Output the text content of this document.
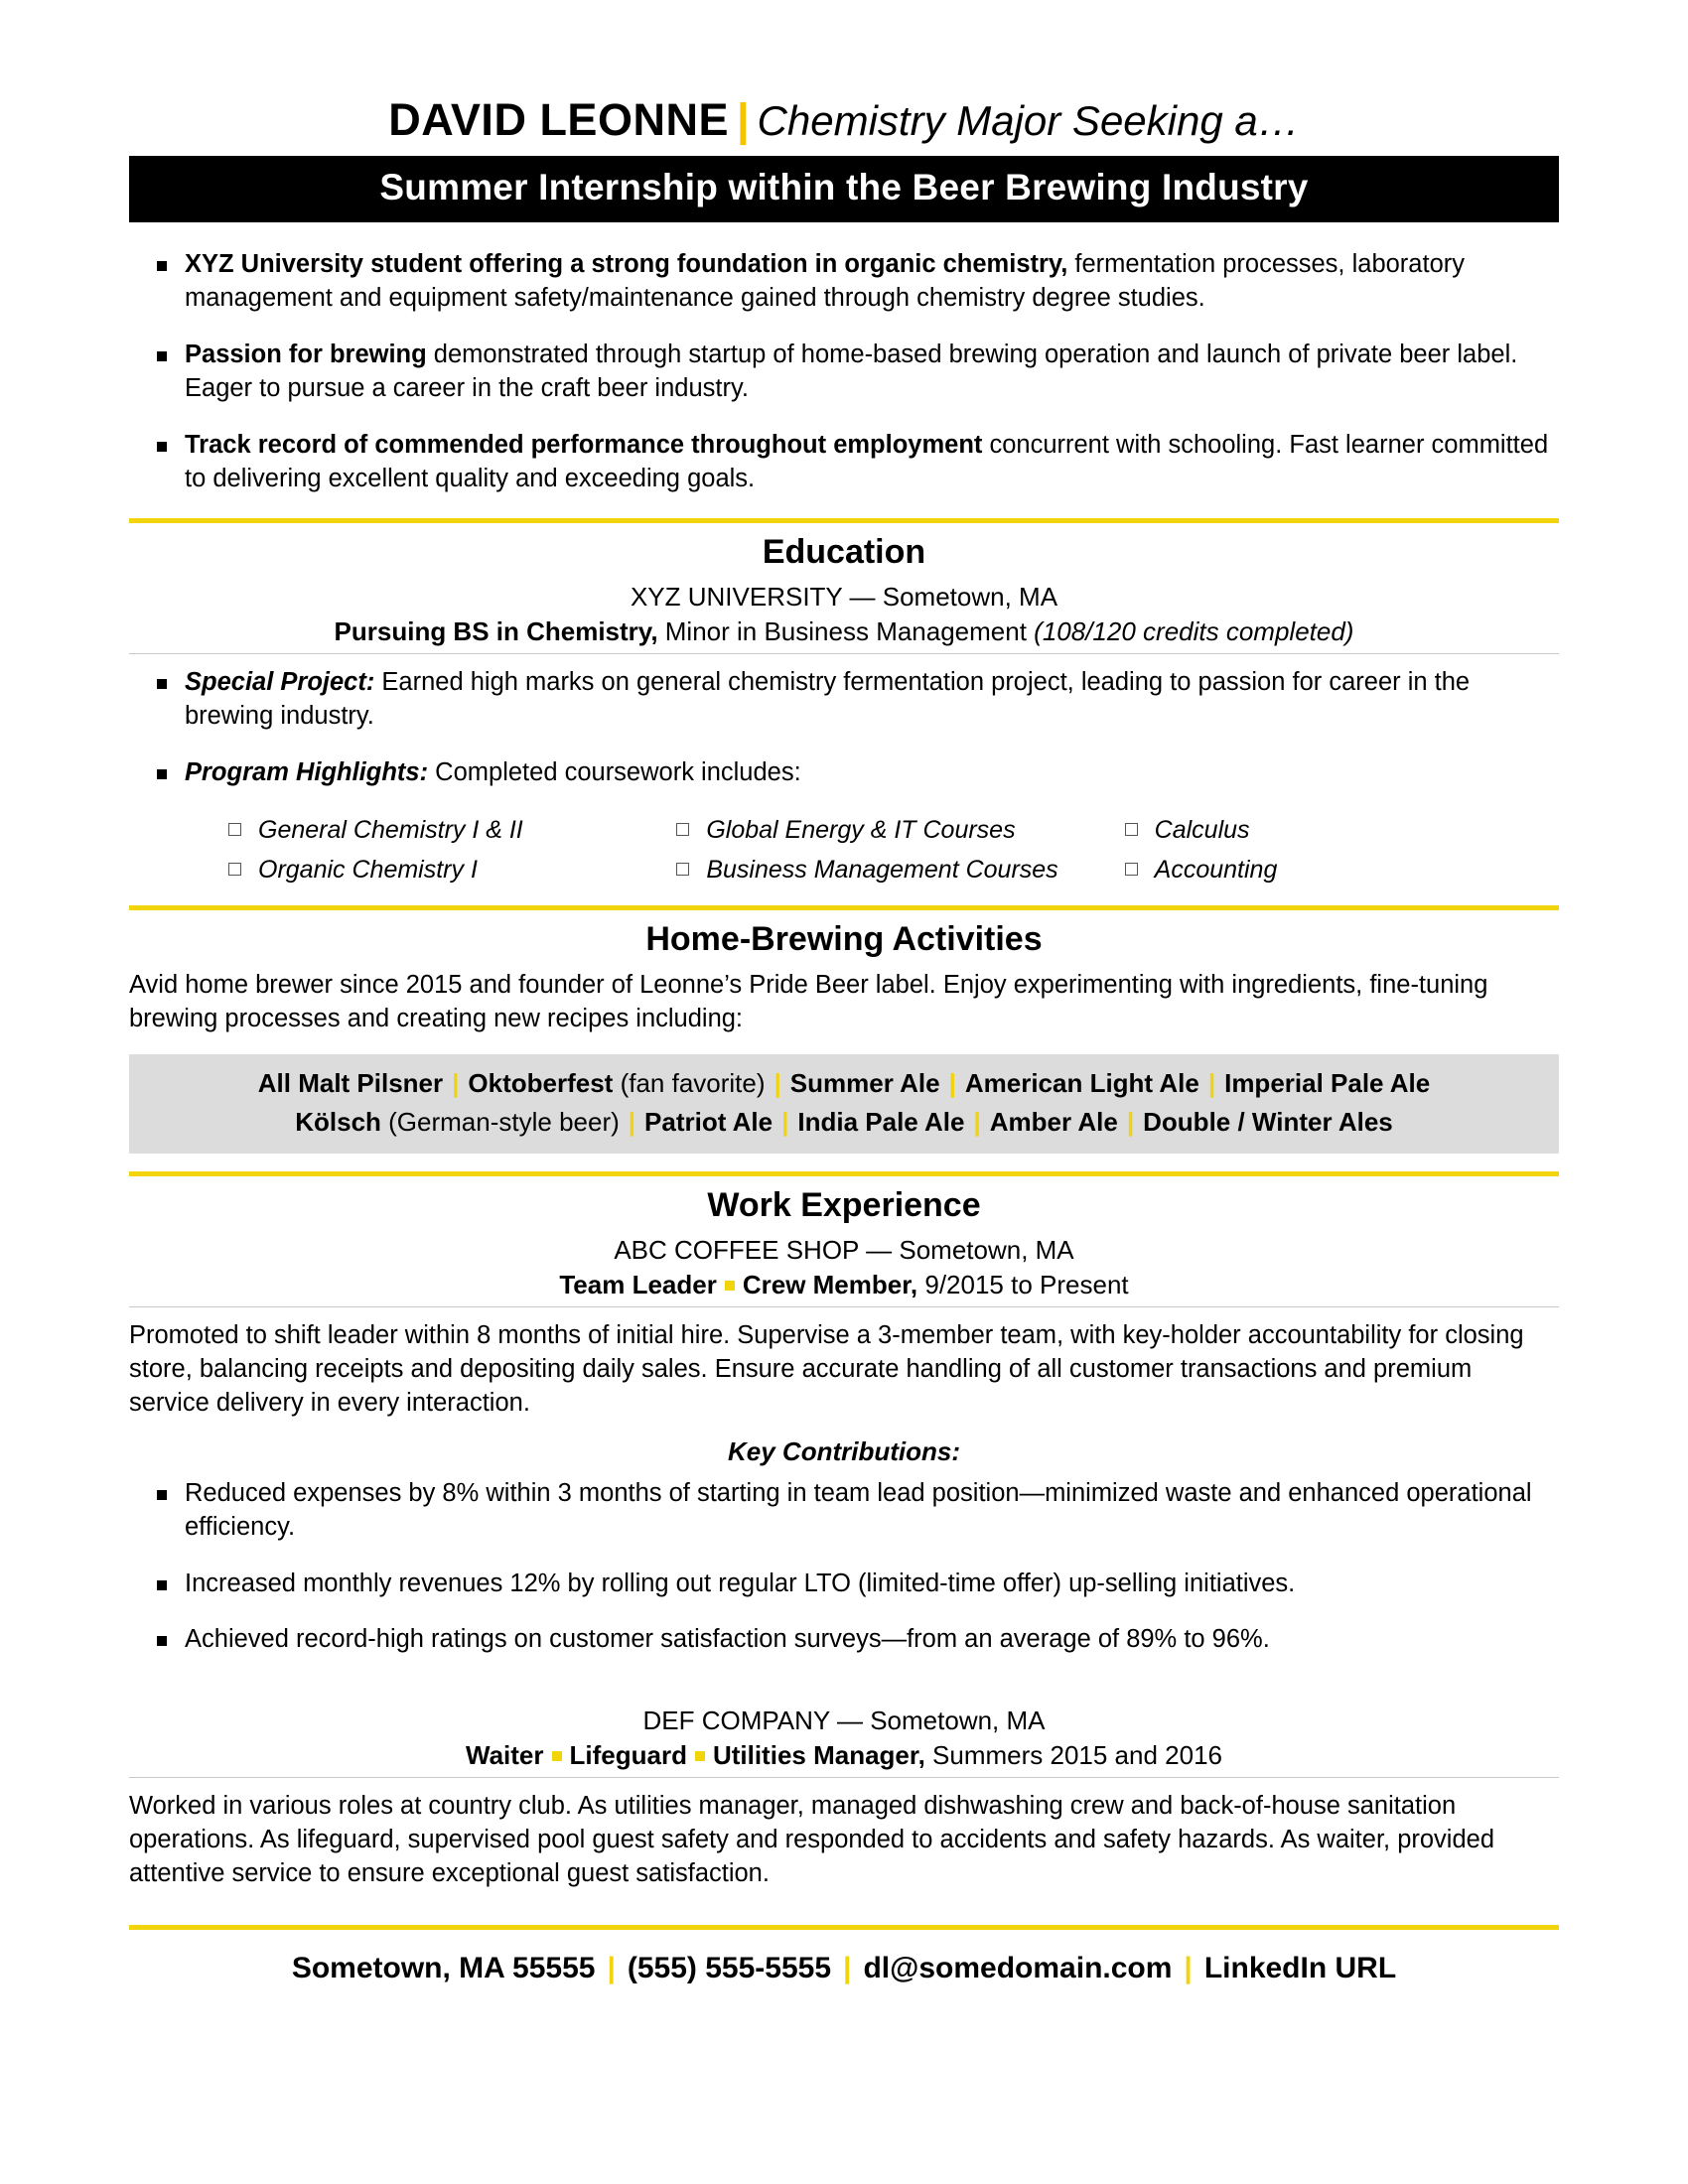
DAVID LEONNE | Chemistry Major Seeking a…
Summer Internship within the Beer Brewing Industry
XYZ University student offering a strong foundation in organic chemistry, fermentation processes, laboratory management and equipment safety/maintenance gained through chemistry degree studies.
Passion for brewing demonstrated through startup of home-based brewing operation and launch of private beer label. Eager to pursue a career in the craft beer industry.
Track record of commended performance throughout employment concurrent with schooling. Fast learner committed to delivering excellent quality and exceeding goals.
Education
XYZ UNIVERSITY — Sometown, MA
Pursuing BS in Chemistry, Minor in Business Management (108/120 credits completed)
Special Project: Earned high marks on general chemistry fermentation project, leading to passion for career in the brewing industry.
Program Highlights: Completed coursework includes:
General Chemistry I & II	Global Energy & IT Courses	Calculus
Organic Chemistry I	Business Management Courses	Accounting
Home-Brewing Activities

Avid home brewer since 2015 and founder of Leonne’s Pride Beer label. Enjoy experimenting with ingredients, fine-tuning brewing processes and creating new recipes including:

All Malt Pilsner | Oktoberfest (fan favorite) | Summer Ale | American Light Ale | Imperial Pale Ale
Kölsch (German-style beer) | Patriot Ale | India Pale Ale | Amber Ale | Double / Winter Ales
Work Experience
ABC COFFEE SHOP — Sometown, MA
Team Leader Crew Member, 9/2015 to Present

Promoted to shift leader within 8 months of initial hire. Supervise a 3-member team, with key-holder accountability for closing store, balancing receipts and depositing daily sales. Ensure accurate handling of all customer transactions and premium service delivery in every interaction.

Key Contributions:
Reduced expenses by 8% within 3 months of starting in team lead position—minimized waste and enhanced operational efficiency.
Increased monthly revenues 12% by rolling out regular LTO (limited-time offer) up-selling initiatives.
Achieved record-high ratings on customer satisfaction surveys—from an average of 89% to 96%.
DEF COMPANY — Sometown, MA
Waiter Lifeguard Utilities Manager, Summers 2015 and 2016

Worked in various roles at country club. As utilities manager, managed dishwashing crew and back-of-house sanitation operations. As lifeguard, supervised pool guest safety and responded to accidents and safety hazards. As waiter, provided attentive service to ensure exceptional guest satisfaction.

Sometown, MA 55555 | (555) 555-5555 | dl@somedomain.com | LinkedIn URL
